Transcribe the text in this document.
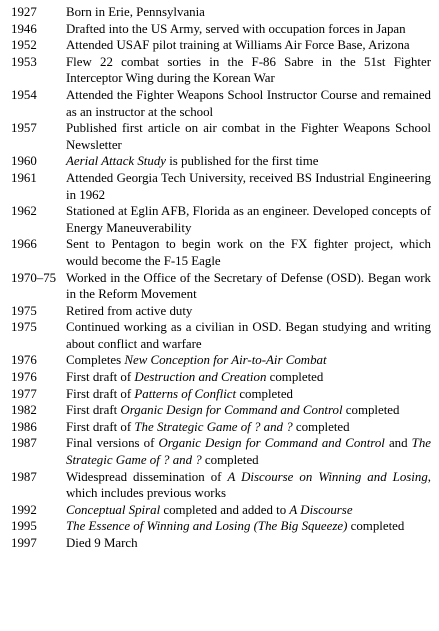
1927	Born in Erie, Pennsylvania
1946	Drafted into the US Army, served with occupation forces in Japan
1952	Attended USAF pilot training at Williams Air Force Base, Arizona
1953	Flew 22 combat sorties in the F-86 Sabre in the 51st Fighter Interceptor Wing during the Korean War
1954	Attended the Fighter Weapons School Instructor Course and remained as an instructor at the school
1957	Published first article on air combat in the Fighter Weapons School Newsletter
1960	Aerial Attack Study is published for the first time
1961	Attended Georgia Tech University, received BS Industrial Engineering in 1962
1962	Stationed at Eglin AFB, Florida as an engineer. Developed concepts of Energy Maneuverability
1966	Sent to Pentagon to begin work on the FX fighter project, which would become the F-15 Eagle
1970–75 Worked in the Office of the Secretary of Defense (OSD). Began work in the Reform Movement
1975	Retired from active duty
1975	Continued working as a civilian in OSD. Began studying and writing about conflict and warfare
1976	Completes New Conception for Air-to-Air Combat
1976	First draft of Destruction and Creation completed
1977	First draft of Patterns of Conflict completed
1982	First draft Organic Design for Command and Control completed
1986	First draft of The Strategic Game of ? and ? completed
1987	Final versions of Organic Design for Command and Control and The Strategic Game of ? and ? completed
1987	Widespread dissemination of A Discourse on Winning and Losing, which includes previous works
1992	Conceptual Spiral completed and added to A Discourse
1995	The Essence of Winning and Losing (The Big Squeeze) completed
1997	Died 9 March
